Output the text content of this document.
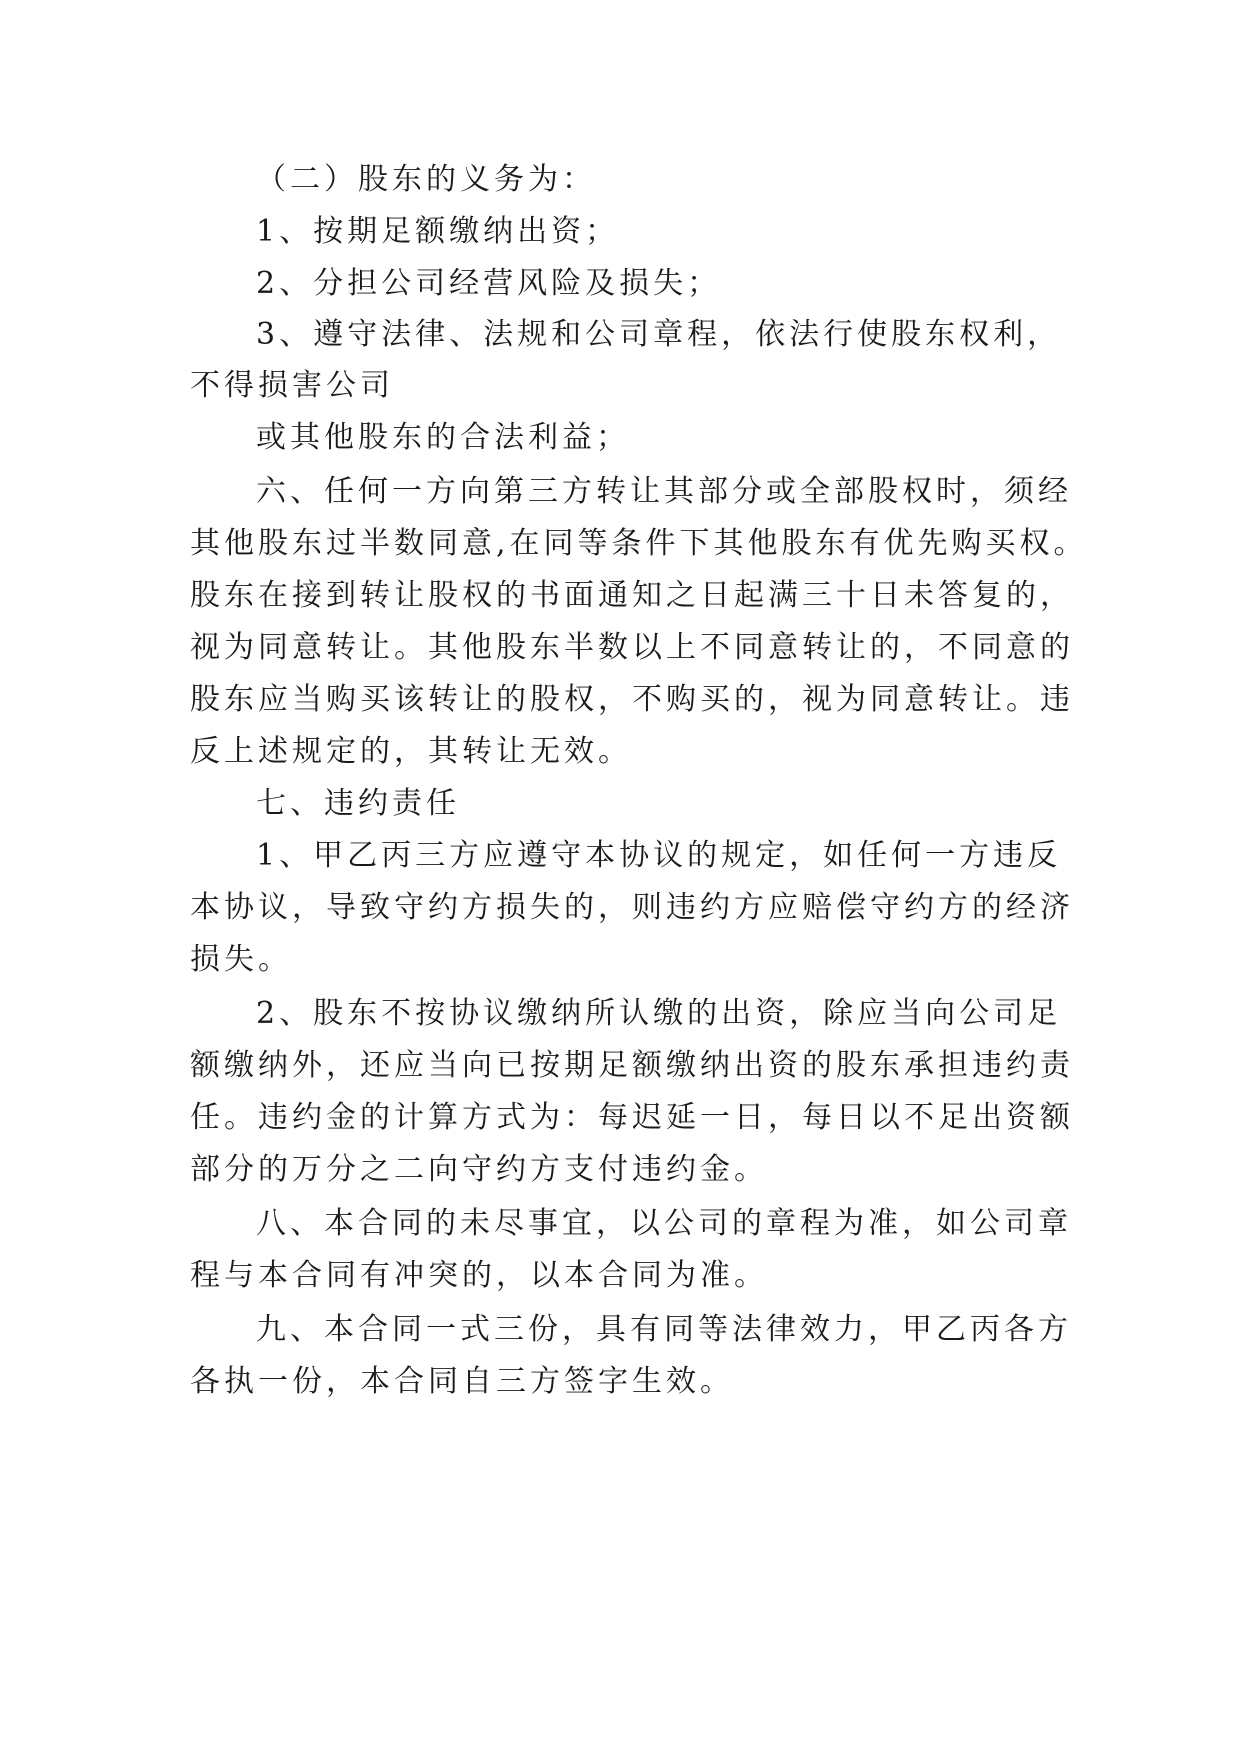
（二）股东的义务为：
1、按期足额缴纳出资；
2、分担公司经营风险及损失；
3、遵守法律、法规和公司章程，依法行使股东权利，
不得损害公司
或其他股东的合法利益；
六、任何一方向第三方转让其部分或全部股权时，须经
其他股东过半数同意,在同等条件下其他股东有优先购买权。
股东在接到转让股权的书面通知之日起满三十日未答复的，
视为同意转让。其他股东半数以上不同意转让的，不同意的
股东应当购买该转让的股权，不购买的，视为同意转让。违
反上述规定的，其转让无效。
七、违约责任
1、甲乙丙三方应遵守本协议的规定，如任何一方违反
本协议，导致守约方损失的，则违约方应赔偿守约方的经济
损失。
2、股东不按协议缴纳所认缴的出资，除应当向公司足
额缴纳外，还应当向已按期足额缴纳出资的股东承担违约责
任。违约金的计算方式为：每迟延一日，每日以不足出资额
部分的万分之二向守约方支付违约金。
八、本合同的未尽事宜，以公司的章程为准，如公司章
程与本合同有冲突的，以本合同为准。
九、本合同一式三份，具有同等法律效力，甲乙丙各方
各执一份，本合同自三方签字生效。
